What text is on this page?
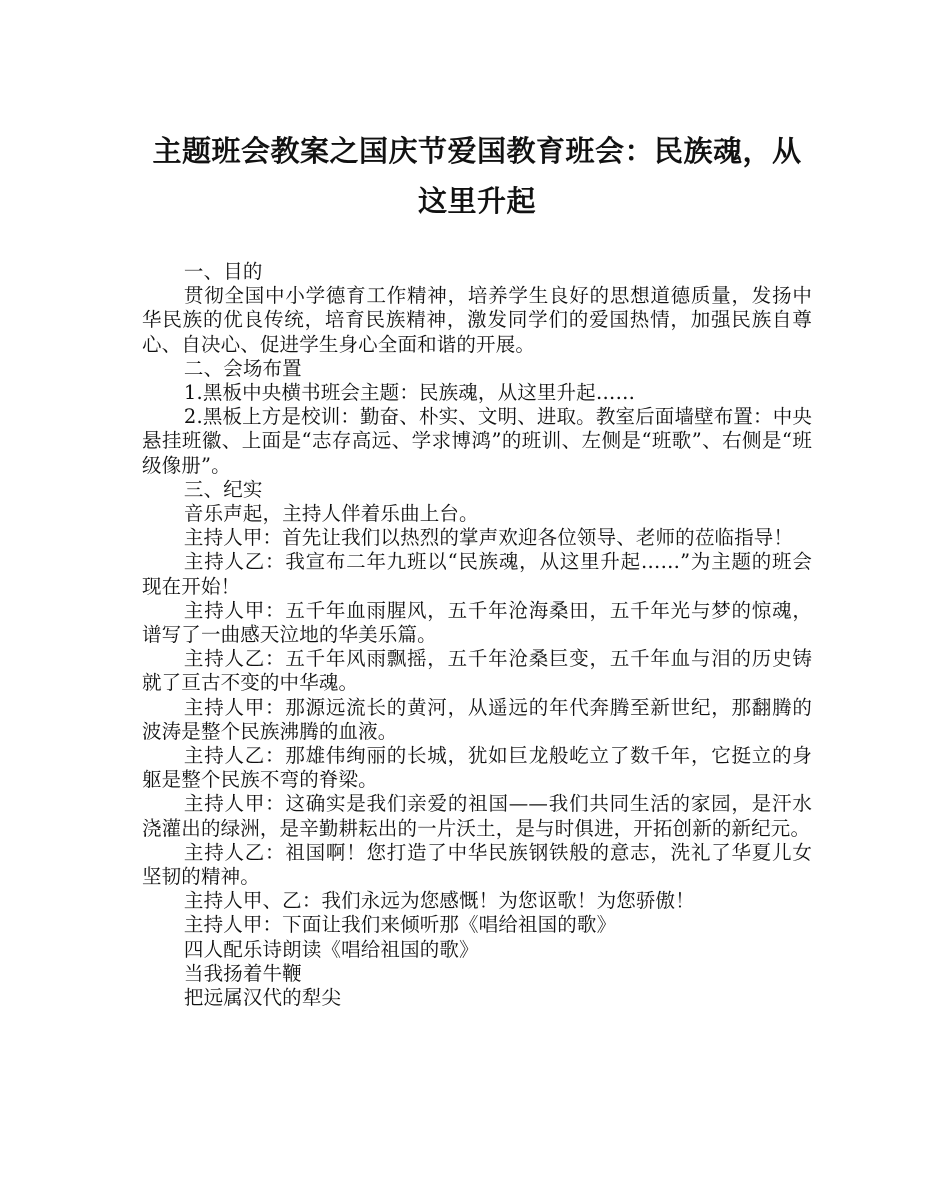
主题班会教案之国庆节爱国教育班会：民族魂，从这里升起

一、目的

贯彻全国中小学德育工作精神，培养学生良好的思想道德质量，发扬中华民族的优良传统，培育民族精神，激发同学们的爱国热情，加强民族自尊心、自决心、促进学生身心全面和谐的开展。

二、会场布置

1.黑板中央横书班会主题：民族魂，从这里升起……

2.黑板上方是校训：勤奋、朴实、文明、进取。教室后面墙壁布置：中央悬挂班徽、上面是“志存高远、学求博鸿”的班训、左侧是“班歌”、右侧是“班级像册”。

三、纪实

音乐声起，主持人伴着乐曲上台。

主持人甲：首先让我们以热烈的掌声欢迎各位领导、老师的莅临指导！

主持人乙：我宣布二年九班以“民族魂，从这里升起……”为主题的班会现在开始！

主持人甲：五千年血雨腥风，五千年沧海桑田，五千年光与梦的惊魂，谱写了一曲感天泣地的华美乐篇。

主持人乙：五千年风雨飘摇，五千年沧桑巨变，五千年血与泪的历史铸就了亘古不变的中华魂。

主持人甲：那源远流长的黄河，从遥远的年代奔腾至新世纪，那翻腾的波涛是整个民族沸腾的血液。

主持人乙：那雄伟绚丽的长城，犹如巨龙般屹立了数千年，它挺立的身躯是整个民族不弯的脊梁。

主持人甲：这确实是我们亲爱的祖国——我们共同生活的家园，是汗水浇灌出的绿洲，是辛勤耕耘出的一片沃土，是与时俱进，开拓创新的新纪元。

主持人乙：祖国啊！您打造了中华民族钢铁般的意志，洗礼了华夏儿女坚韧的精神。

主持人甲、乙：我们永远为您感慨！为您讴歌！为您骄傲！

主持人甲：下面让我们来倾听那《唱给祖国的歌》

四人配乐诗朗读《唱给祖国的歌》

当我扬着牛鞭

把远属汉代的犁尖
